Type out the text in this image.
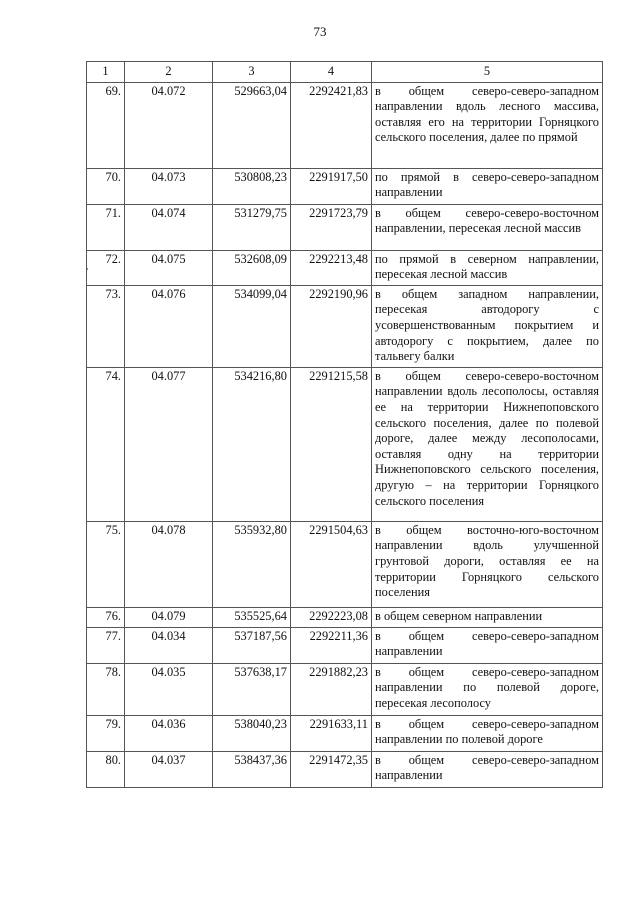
73
1	2	3	4	5
69.	04.072	529663,04	2292421,83	в общем северо-северо-западном направлении вдоль лесного массива, оставляя его на территории Горняцкого сельского поселения, далее по прямой
70.	04.073	530808,23	2291917,50	по прямой в северо-северо-западном направлении
71.	04.074	531279,75	2291723,79	в общем северо-северо-восточном направлении, пересекая лесной массив
72.	04.075	532608,09	2292213,48	по прямой в северном направлении, пересекая лесной массив
73.	04.076	534099,04	2292190,96	в общем западном направлении, пересекая автодорогу с усовершенствованным покрытием и автодорогу с покрытием, далее по тальвегу балки
74.	04.077	534216,80	2291215,58	в общем северо-северо-восточном направлении вдоль лесополосы, оставляя ее на территории Нижнепоповского сельского поселения, далее по полевой дороге, далее между лесополосами, оставляя одну на территории Нижнепоповского сельского поселения, другую – на территории Горняцкого сельского поселения
75.	04.078	535932,80	2291504,63	в общем восточно-юго-восточном направлении вдоль улучшенной грунтовой дороги, оставляя ее на территории Горняцкого сельского поселения
76.	04.079	535525,64	2292223,08	в общем северном направлении
77.	04.034	537187,56	2292211,36	в общем северо-северо-западном направлении
78.	04.035	537638,17	2291882,23	в общем северо-северо-западном направлении по полевой дороге, пересекая лесополосу
79.	04.036	538040,23	2291633,11	в общем северо-северо-западном направлении по полевой дороге
80.	04.037	538437,36	2291472,35	в общем северо-северо-западном направлении
